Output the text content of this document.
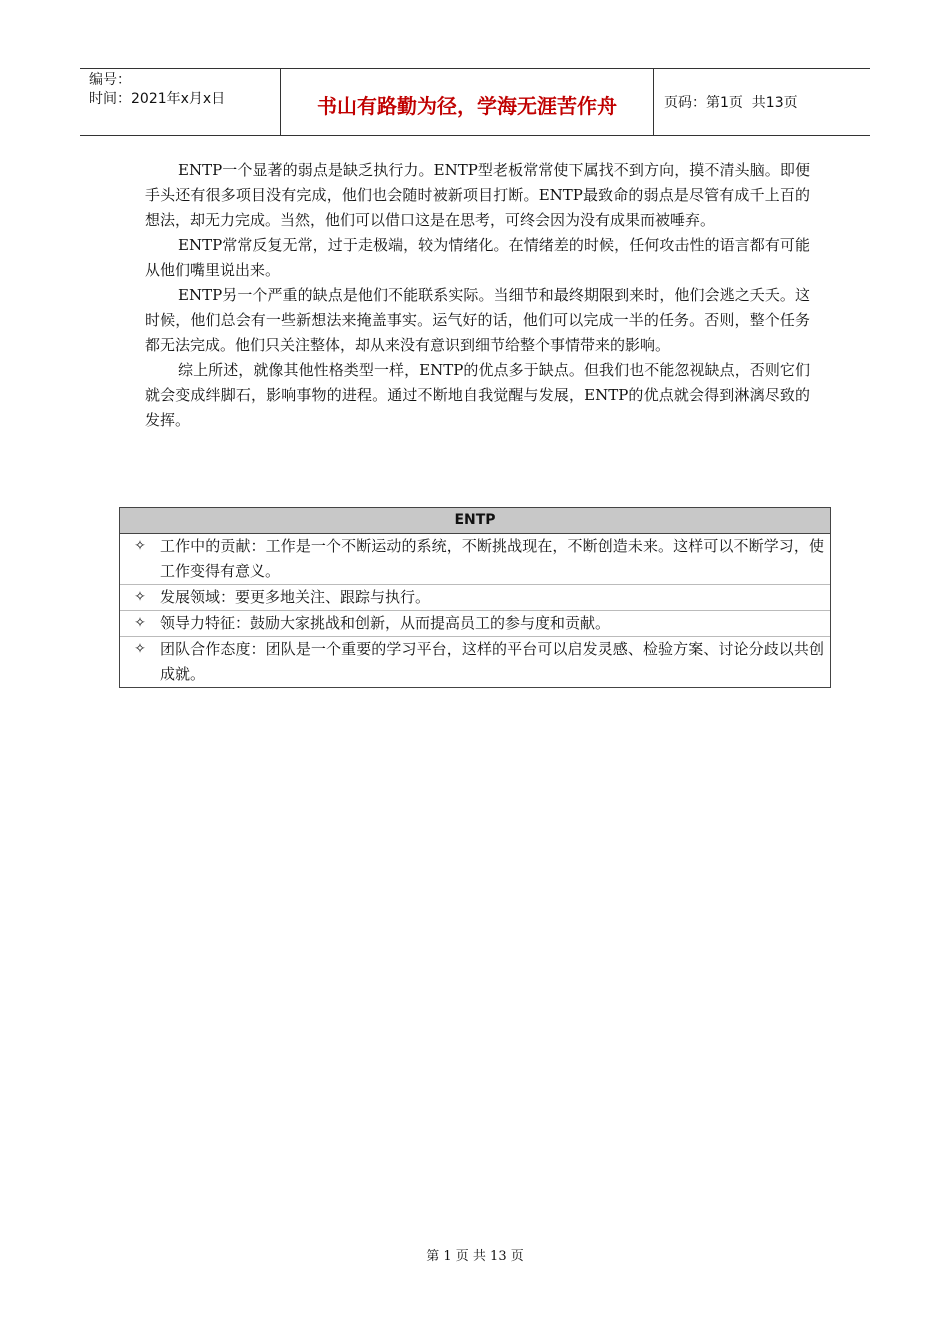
编号：
时间：2021年x月x日	书山有路勤为径，学海无涯苦作舟	页码：第1页  共13页

ENTP一个显著的弱点是缺乏执行力。ENTP型老板常常使下属找不到方向，摸不清头脑。即便手头还有很多项目没有完成，他们也会随时被新项目打断。ENTP最致命的弱点是尽管有成千上百的想法，却无力完成。当然，他们可以借口这是在思考，可终会因为没有成果而被唾弃。

ENTP常常反复无常，过于走极端，较为情绪化。在情绪差的时候，任何攻击性的语言都有可能从他们嘴里说出来。

ENTP另一个严重的缺点是他们不能联系实际。当细节和最终期限到来时，他们会逃之夭夭。这时候，他们总会有一些新想法来掩盖事实。运气好的话，他们可以完成一半的任务。否则，整个任务都无法完成。他们只关注整体，却从来没有意识到细节给整个事情带来的影响。

综上所述，就像其他性格类型一样，ENTP的优点多于缺点。但我们也不能忽视缺点，否则它们就会变成绊脚石，影响事物的进程。通过不断地自我觉醒与发展，ENTP的优点就会得到淋漓尽致的发挥。

ENTP
✧ 工作中的贡献：工作是一个不断运动的系统，不断挑战现在，不断创造未来。这样可以不断学习，使工作变得有意义。
✧ 发展领域：要更多地关注、跟踪与执行。
✧ 领导力特征：鼓励大家挑战和创新，从而提高员工的参与度和贡献。
✧ 团队合作态度：团队是一个重要的学习平台，这样的平台可以启发灵感、检验方案、讨论分歧以共创成就。
第 1 页 共 13 页
